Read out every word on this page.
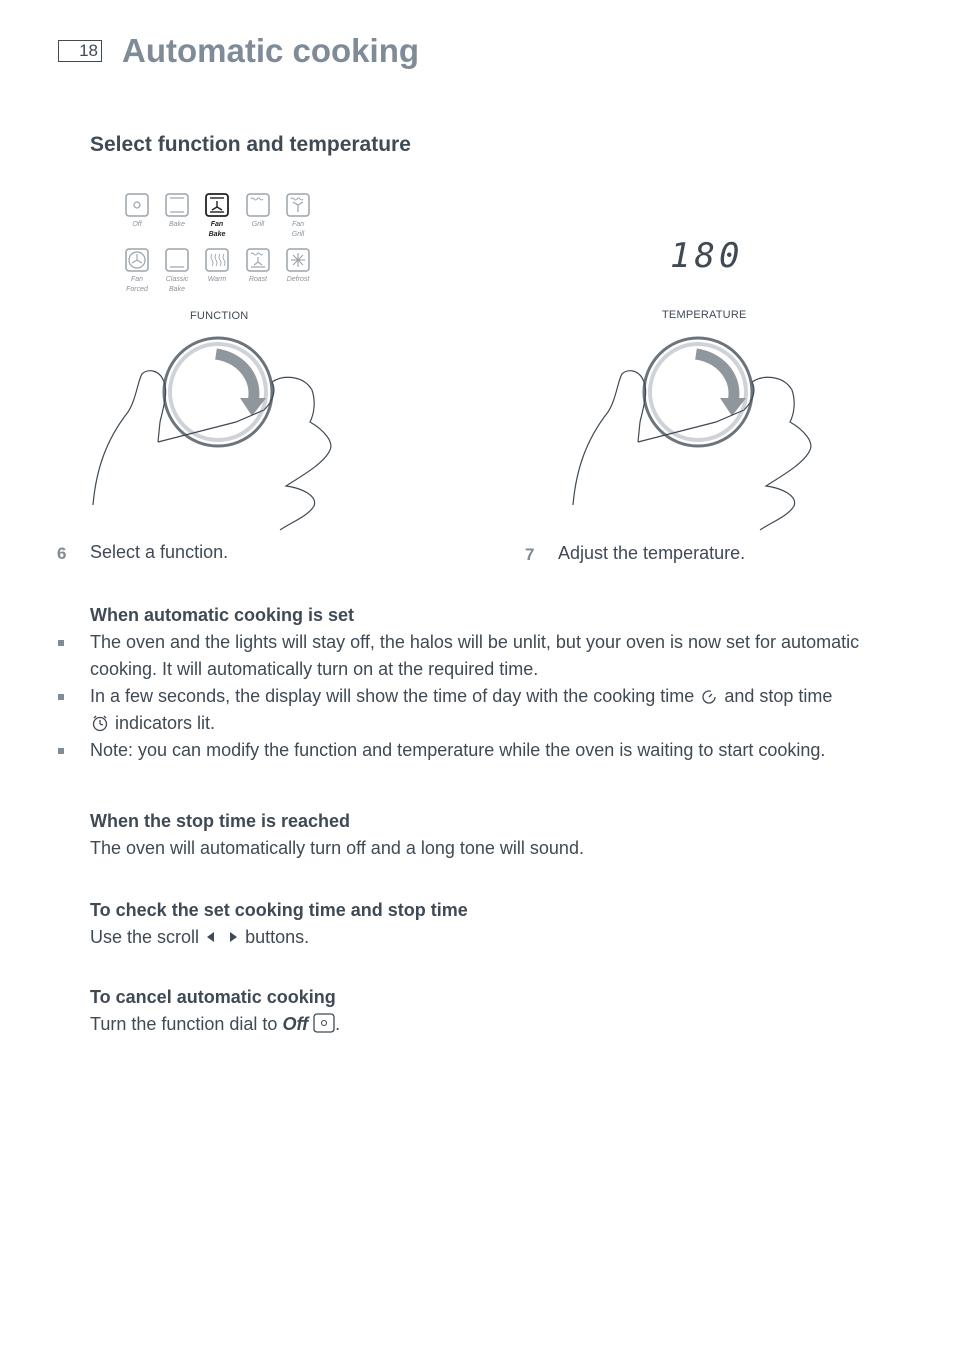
18 Automatic cooking
Select function and temperature
Off	Bake	Fan
Bake
Grill	Fan
Grill
Fan
Forced
Classic
Bake
Warm	Roast	Defrost
180
FUNCTION	TEMPERATURE
6 Select a function.	7 Adjust the temperature.

When automatic cooking is set

The oven and the lights will stay off, the halos will be unlit, but your oven is now set for automatic cooking. It will automatically turn on at the required time.

In a few seconds, the display will show the time of day with the cooking time and stop time
indicators lit.

Note: you can modify the function and temperature while the oven is waiting to start cooking.

When the stop time is reached

The oven will automatically turn off and a long tone will sound.

To check the set cooking time and stop time

Use the scroll	buttons.

To cancel automatic cooking

Turn the function dial to Off .
